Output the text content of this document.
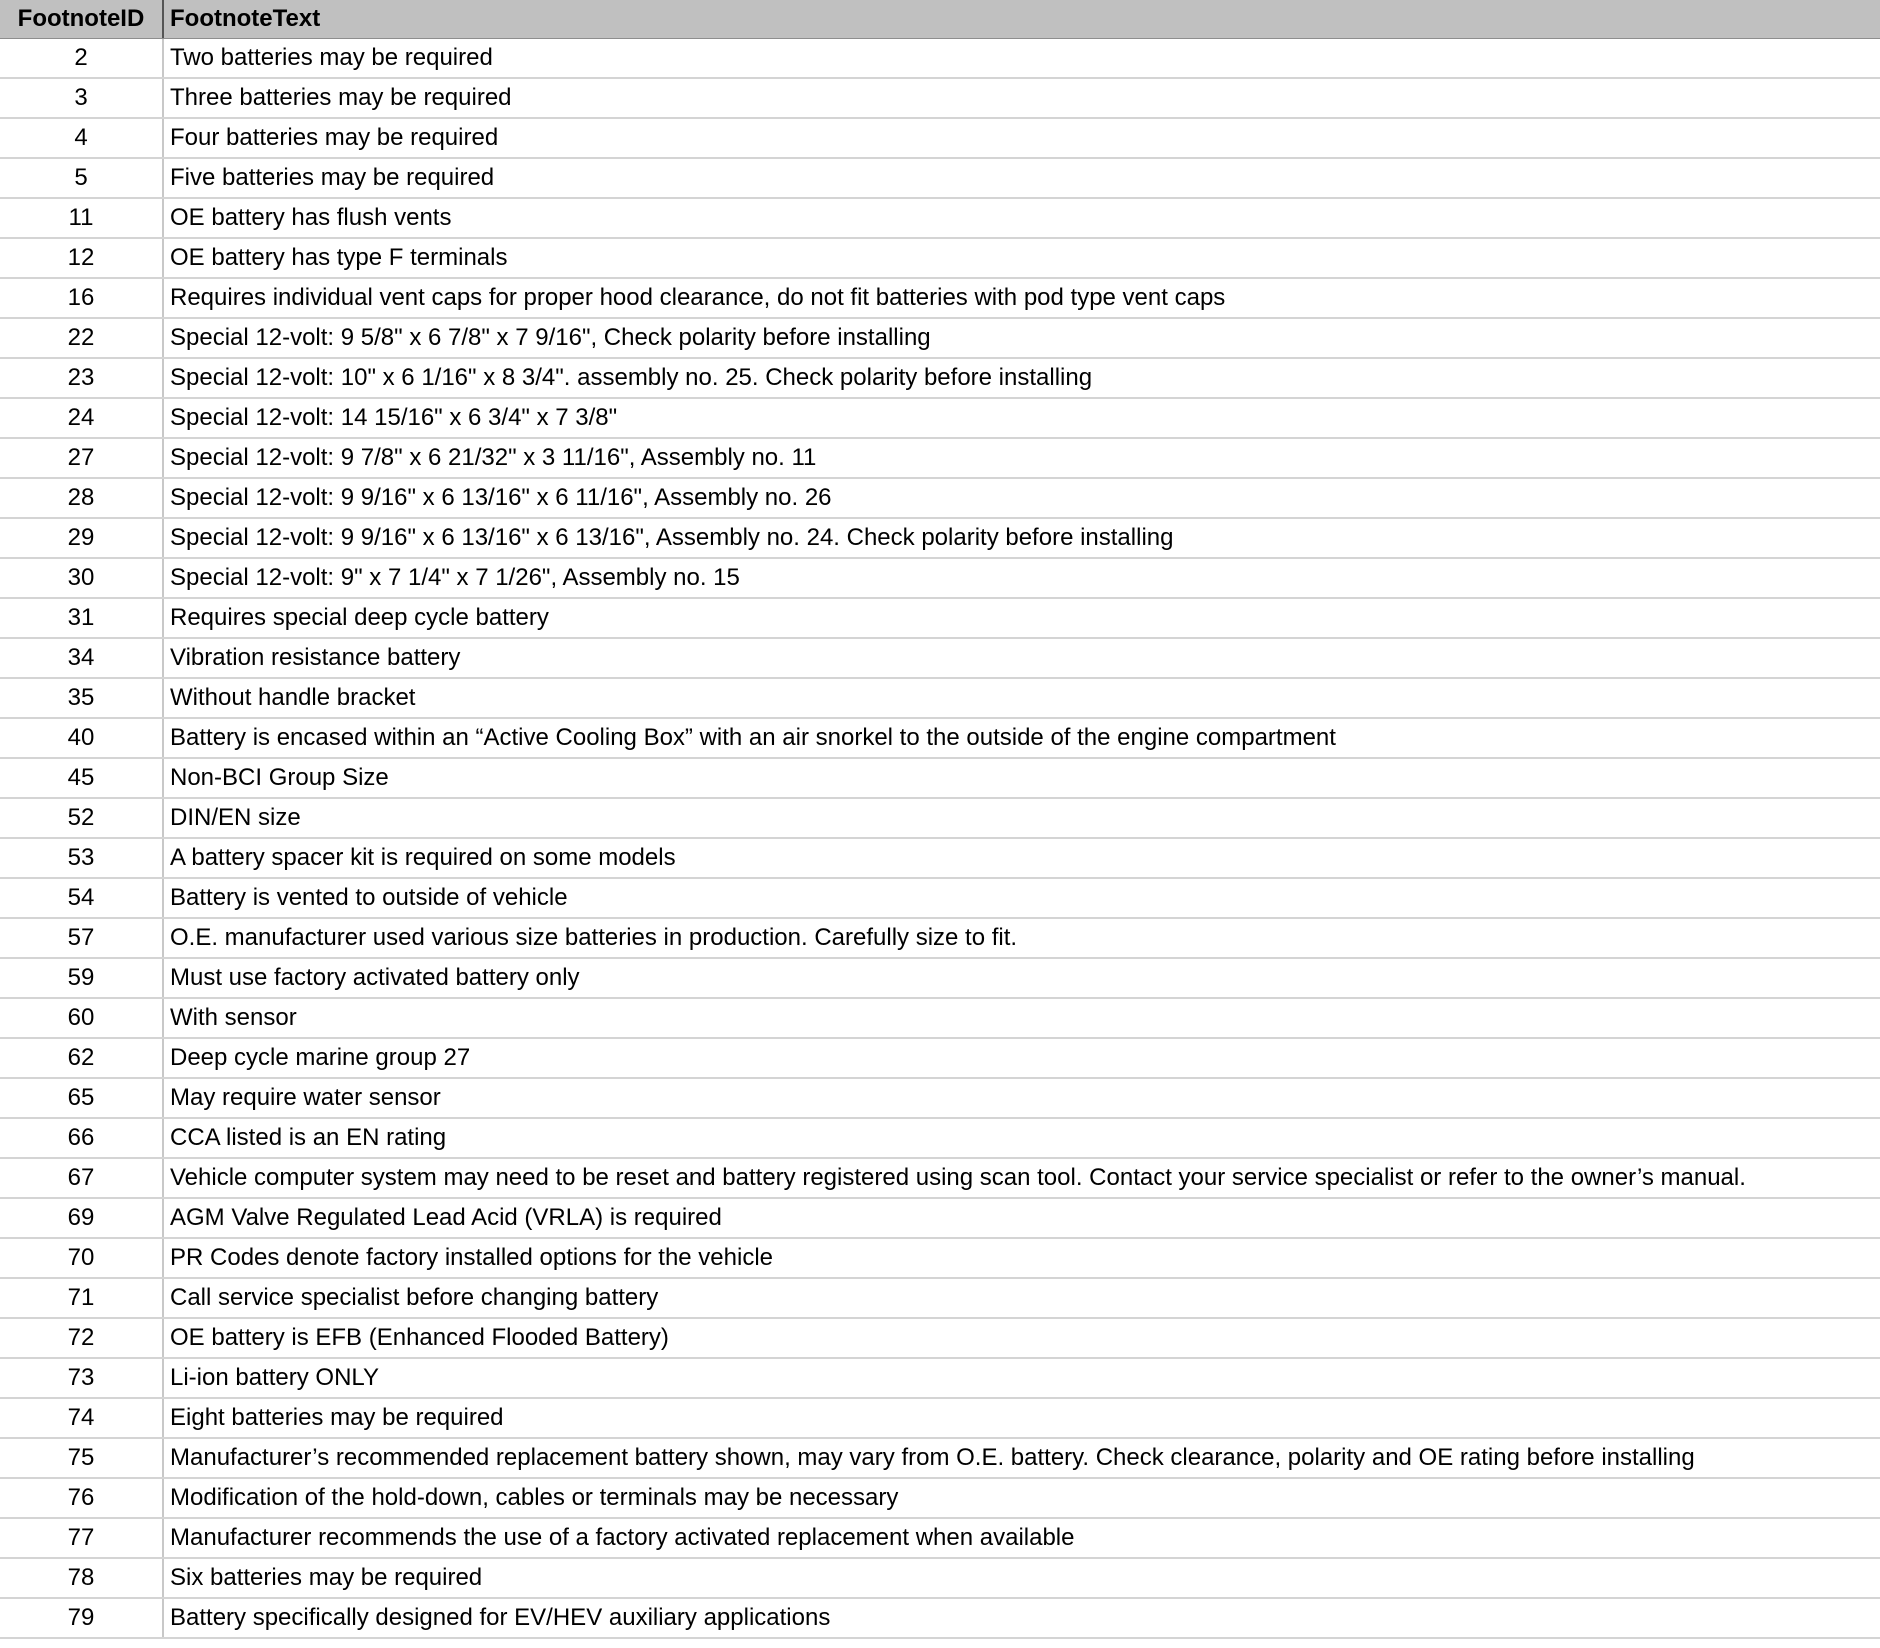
FootnoteID FootnoteText
2	Two batteries may be required
3	Three batteries may be required
4	Four batteries may be required
5	Five batteries may be required
11	OE battery has flush vents
12	OE battery has type F terminals
16	Requires individual vent caps for proper hood clearance, do not fit batteries with pod type vent caps
22	Special 12-volt: 9 5/8" x 6 7/8" x 7 9/16", Check polarity before installing
23	Special 12-volt: 10" x 6 1/16" x 8 3/4". assembly no. 25. Check polarity before installing
24	Special 12-volt: 14 15/16" x 6 3/4" x 7 3/8"
27	Special 12-volt: 9 7/8" x 6 21/32" x 3 11/16", Assembly no. 11
28	Special 12-volt: 9 9/16" x 6 13/16" x 6 11/16", Assembly no. 26
29	Special 12-volt: 9 9/16" x 6 13/16" x 6 13/16", Assembly no. 24. Check polarity before installing
30	Special 12-volt: 9" x 7 1/4" x 7 1/26", Assembly no. 15
31	Requires special deep cycle battery
34	Vibration resistance battery
35	Without handle bracket
40	Battery is encased within an “Active Cooling Box” with an air snorkel to the outside of the engine compartment
45	Non-BCI Group Size
52	DIN/EN size
53	A battery spacer kit is required on some models
54	Battery is vented to outside of vehicle
57	O.E. manufacturer used various size batteries in production. Carefully size to fit.
59	Must use factory activated battery only
60	With sensor
62	Deep cycle marine group 27
65	May require water sensor
66	CCA listed is an EN rating
67	Vehicle computer system may need to be reset and battery registered using scan tool. Contact your service specialist or refer to the owner’s manual.
69	AGM Valve Regulated Lead Acid (VRLA) is required
70	PR Codes denote factory installed options for the vehicle
71	Call service specialist before changing battery
72	OE battery is EFB (Enhanced Flooded Battery)
73	Li-ion battery ONLY
74	Eight batteries may be required
75	Manufacturer’s recommended replacement battery shown, may vary from O.E. battery. Check clearance, polarity and OE rating before installing
76	Modification of the hold-down, cables or terminals may be necessary
77	Manufacturer recommends the use of a factory activated replacement when available
78	Six batteries may be required
79	Battery specifically designed for EV/HEV auxiliary applications
